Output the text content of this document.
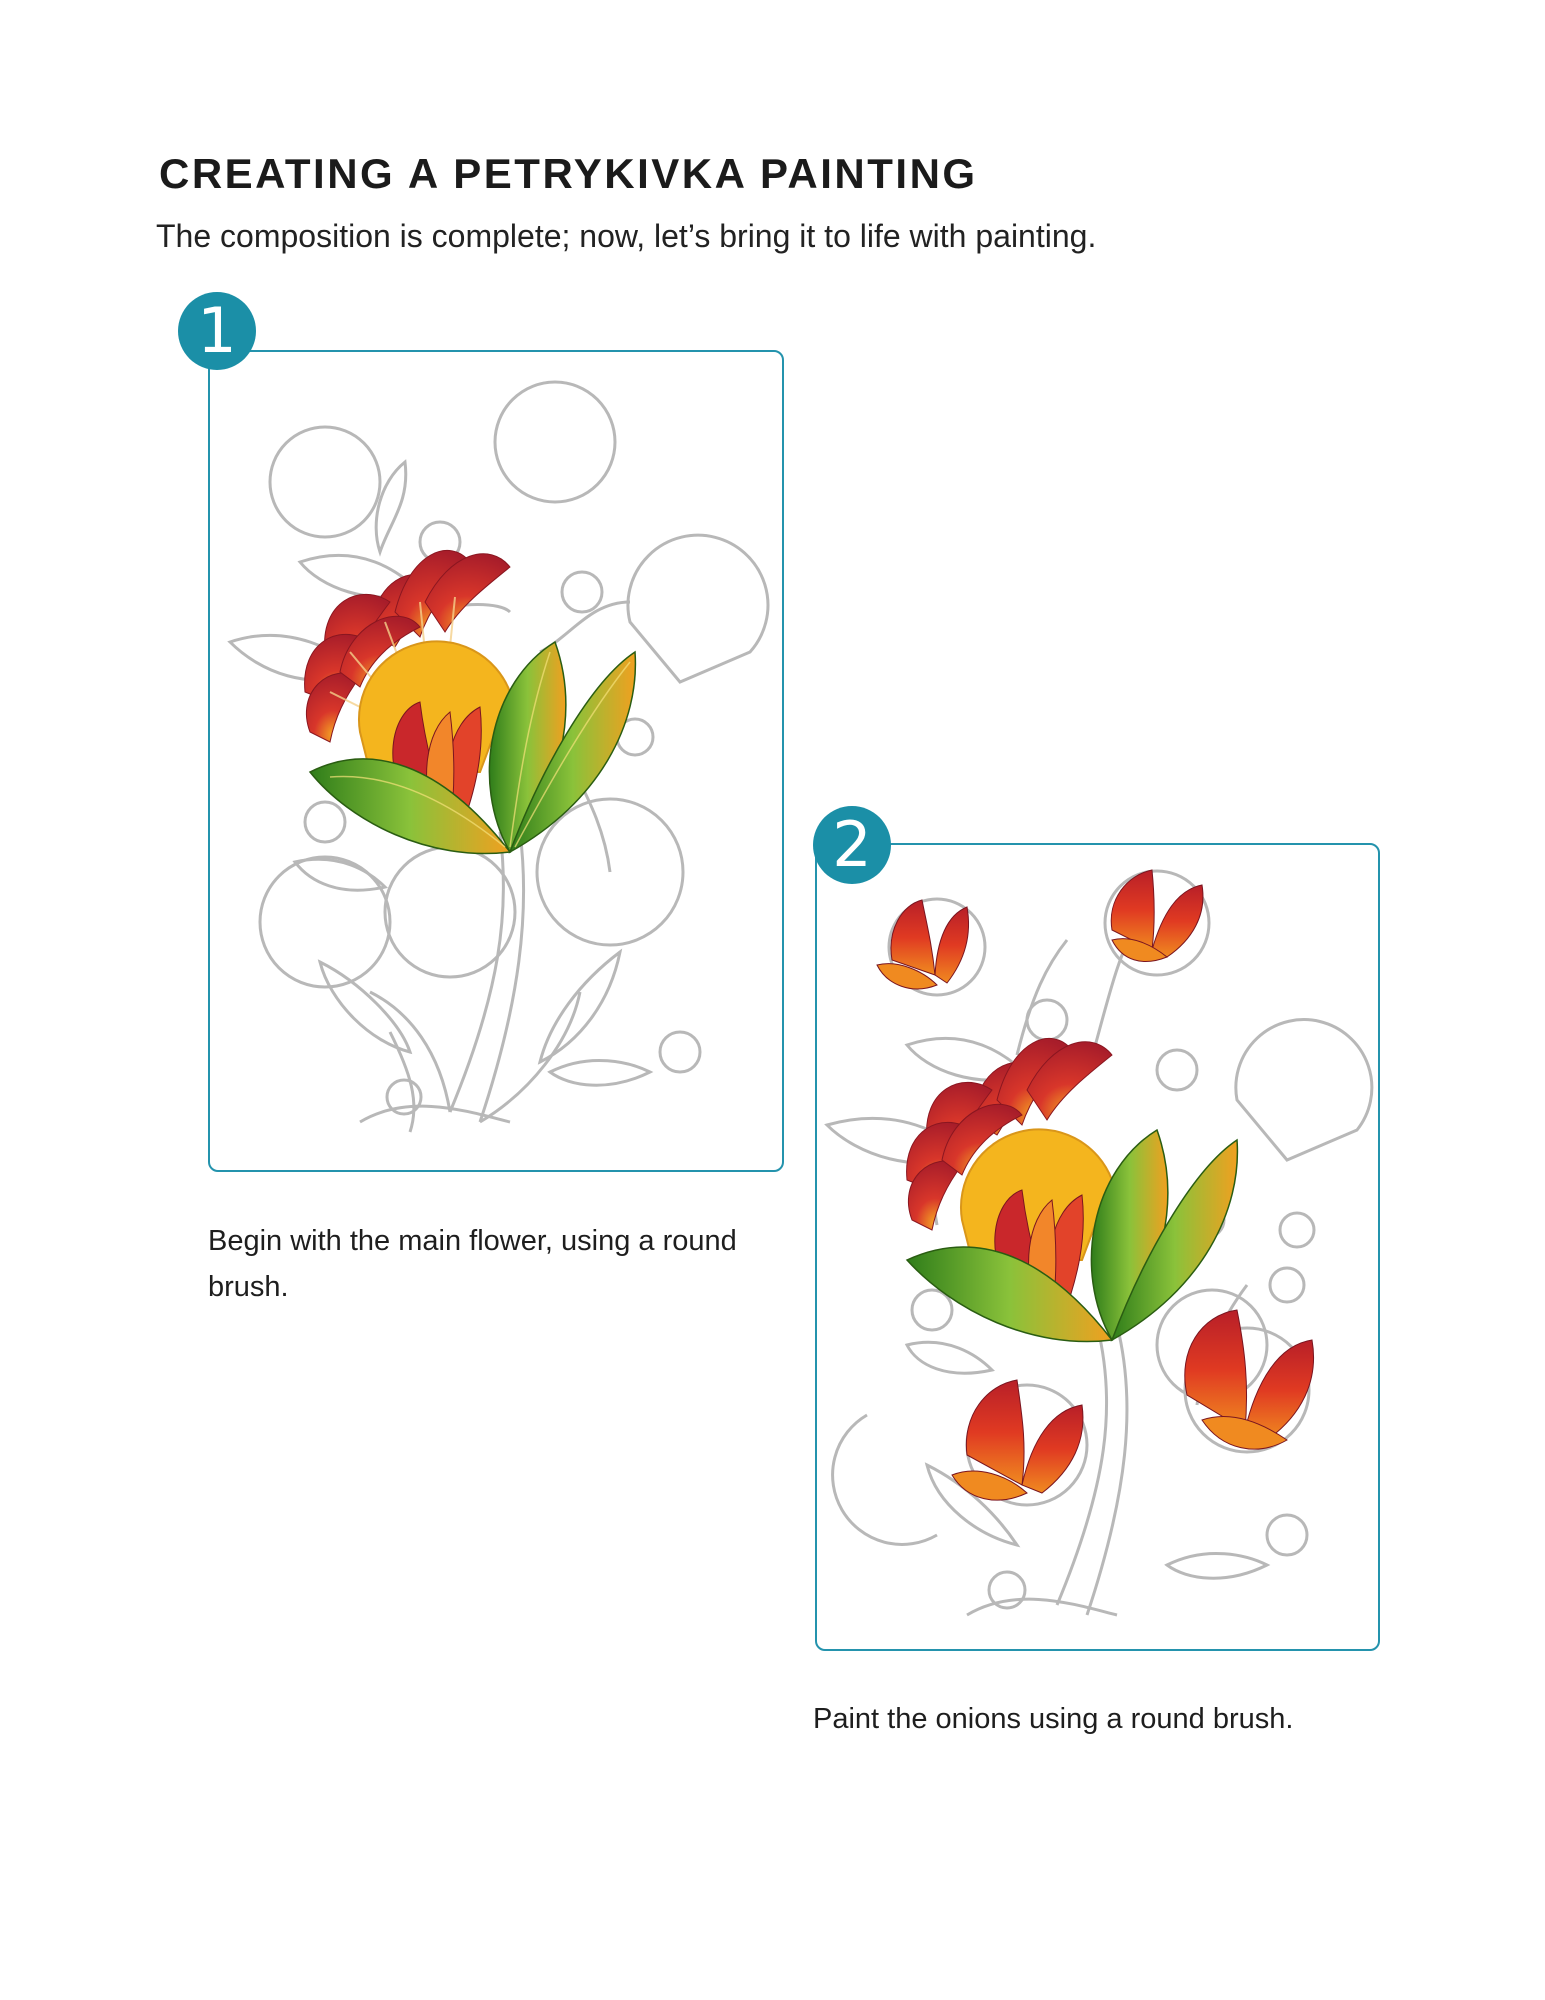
CREATING A PETRYKIVKA PAINTING

The composition is complete; now, let’s bring it to life with painting.

1

Begin with the main flower, using a round brush.

2

Paint the onions using a round brush.
